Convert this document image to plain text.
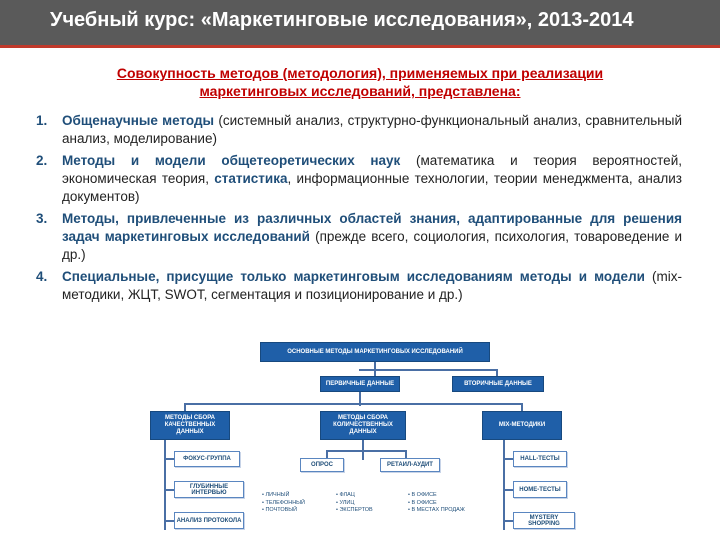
Учебный курс: «Маркетинговые исследования», 2013-2014
Совокупность методов (методология), применяемых при реализации
маркетинговых исследований, представлена:
1.	Общенаучные методы (системный анализ, структурно-функциональный анализ, сравнительный анализ, моделирование)
2.	Методы и модели общетеоретических наук (математика и теория вероятностей, экономическая теория, статистика, информационные технологии, теории менеджмента, анализ документов)
3.	Методы, привлеченные из различных областей знания, адаптированные для решения задач маркетинговых исследований (прежде всего, социология, психология, товароведение и др.)
4.	Специальные, присущие только маркетинговым исследованиям методы и модели (mix-методики, ЖЦТ, SWOT, сегментация и позиционирование и др.)
ОСНОВНЫЕ МЕТОДЫ МАРКЕТИНГОВЫХ ИССЛЕДОВАНИЙ
ПЕРВИЧНЫЕ ДАННЫЕ	ВТОРИЧНЫЕ ДАННЫЕ
МЕТОДЫ СБОРА КАЧЕСТВЕННЫХ ДАННЫХ
МЕТОДЫ СБОРА КОЛИЧЕСТВЕННЫХ ДАННЫХ
MIX-МЕТОДИКИ
ФОКУС-ГРУППА
ГЛУБИННЫЕ ИНТЕРВЬЮ
АНАЛИЗ ПРОТОКОЛА
ОПРОС	РЕТАИЛ-АУДИТ
HALL-ТЕСТЫ
HOME-ТЕСТЫ
MYSTERY SHOPPING
• ЛИЧНЫЙ
• ТЕЛЕФОННЫЙ
• ПОЧТОВЫЙ
• ФЛАЦ
• УЛИЦ
• ЭКСПЕРТОВ
• В ОФИСЕ
• В ОФИСЕ
• В МЕСТАХ ПРОДАЖ
